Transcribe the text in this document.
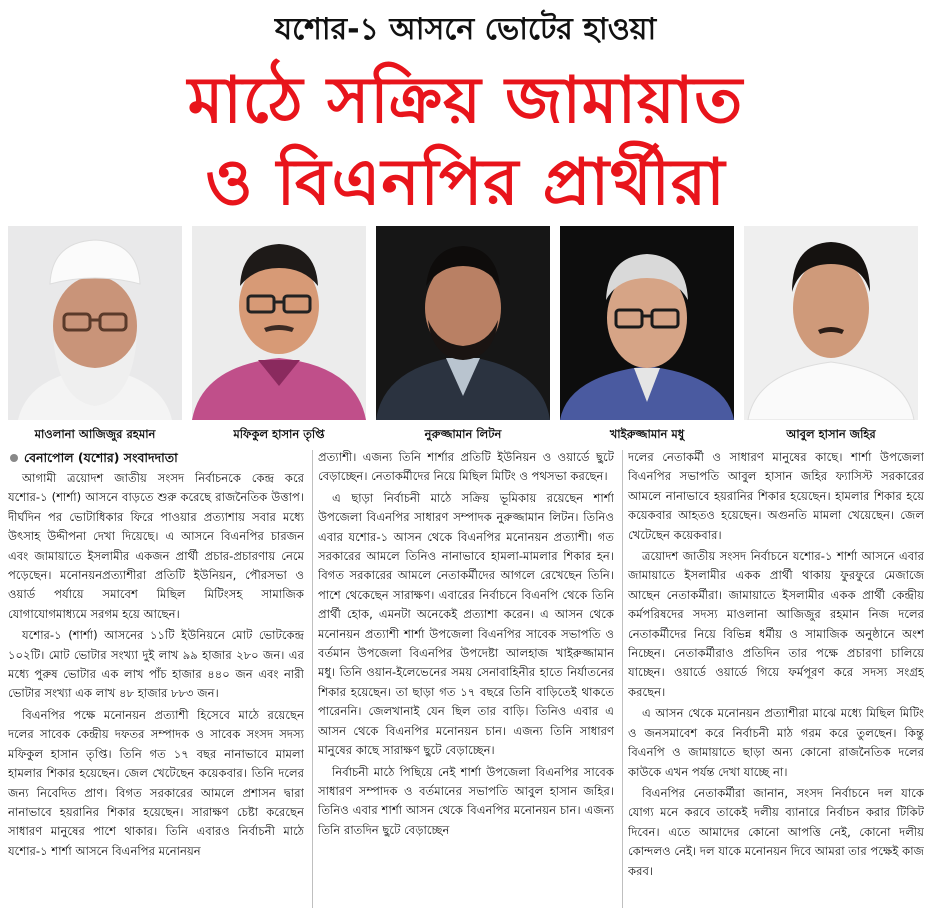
যশোর-১ আসনে ভোটের হাওয়া
মাঠে সক্রিয় জামায়াত
ও বিএনপির প্রার্থীরা
মাওলানা আজিজুর রহমান	মফিকুল হাসান তৃপ্তি	নুরুজ্জামান লিটন	খাইরুজ্জামান মধু	আবুল হাসান জহির
বেনাপোল (যশোর) সংবাদদাতা

আগামী ত্রয়োদশ জাতীয় সংসদ নির্বাচনকে কেন্দ্র করে যশোর-১ (শার্শা) আসনে বাড়তে শুরু করেছে রাজনৈতিক উত্তাপ। দীর্ঘদিন পর ভোটাধিকার ফিরে পাওয়ার প্রত্যাশায় সবার মধ্যে উৎসাহ উদ্দীপনা দেখা দিয়েছে। এ আসনে বিএনপির চারজন এবং জামায়াতে ইসলামীর একজন প্রার্থী প্রচার-প্রচারণায় নেমে পড়েছেন। মনোনয়নপ্রত্যাশীরা প্রতিটি ইউনিয়ন, পৌরসভা ও ওয়ার্ড পর্যায়ে সমাবেশ মিছিল মিটিংসহ সামাজিক যোগাযোগমাধ্যমে সরগম হয়ে আছেন।

যশোর-১ (শার্শা) আসনের ১১টি ইউনিয়নে মোট ভোটকেন্দ্র ১০২টি। মোট ভোটার সংখ্যা দুই লাখ ৯৯ হাজার ২৮০ জন। এর মধ্যে পুরুষ ভোটার এক লাখ পাঁচ হাজার ৪৪০ জন এবং নারী ভোটার সংখ্যা এক লাখ ৪৮ হাজার ৮৮৩ জন।

বিএনপির পক্ষে মনোনয়ন প্রত্যাশী হিসেবে মাঠে রয়েছেন দলের সাবেক কেন্দ্রীয় দফতর সম্পাদক ও সাবেক সংসদ সদস্য মফিকুল হাসান তৃপ্তি। তিনি গত ১৭ বছর নানাভাবে মামলা হামলার শিকার হয়েছেন। জেল খেটেছেন কয়েকবার। তিনি দলের জন্য নিবেদিত প্রাণ। বিগত সরকারের আমলে প্রশাসন দ্বারা নানাভাবে হয়রানির শিকার হয়েছেন। সারাক্ষণ চেষ্টা করেছেন সাধারণ মানুষের পাশে থাকার। তিনি এবারও নির্বাচনী মাঠে যশোর-১ শার্শা আসনে বিএনপির মনোনয়ন

প্রত্যাশী। এজন্য তিনি শার্শার প্রতিটি ইউনিয়ন ও ওয়ার্ডে ছুটে বেড়াচ্ছেন। নেতাকর্মীদের নিয়ে মিছিল মিটিং ও পথসভা করছেন।

এ ছাড়া নির্বাচনী মাঠে সক্রিয় ভূমিকায় রয়েছেন শার্শা উপজেলা বিএনপির সাধারণ সম্পাদক নুরুজ্জামান লিটন। তিনিও এবার যশোর-১ আসন থেকে বিএনপির মনোনয়ন প্রত্যাশী। গত সরকারের আমলে তিনিও নানাভাবে হামলা-মামলার শিকার হন। বিগত সরকারের আমলে নেতাকর্মীদের আগলে রেখেছেন তিনি। পাশে থেকেছেন সারাক্ষণ। এবারের নির্বাচনে বিএনপি থেকে তিনি প্রার্থী হোক, এমনটা অনেকেই প্রত্যাশা করেন। এ আসন থেকে মনোনয়ন প্রত্যাশী শার্শা উপজেলা বিএনপির সাবেক সভাপতি ও বর্তমান উপজেলা বিএনপির উপদেষ্টা আলহাজ খাইরুজ্জামান মধু। তিনি ওয়ান-ইলেভেনের সময় সেনাবাহিনীর হাতে নির্যাতনের শিকার হয়েছেন। তা ছাড়া গত ১৭ বছরে তিনি বাড়িতেই থাকতে পারেননি। জেলখানাই যেন ছিল তার বাড়ি। তিনিও এবার এ আসন থেকে বিএনপির মনোনয়ন চান। এজন্য তিনি সাধারণ মানুষের কাছে সারাক্ষণ ছুটে বেড়াচ্ছেন।

নির্বাচনী মাঠে পিছিয়ে নেই শার্শা উপজেলা বিএনপির সাবেক সাধারণ সম্পাদক ও বর্তমানের সভাপতি আবুল হাসান জহির। তিনিও এবার শার্শা আসন থেকে বিএনপির মনোনয়ন চান। এজন্য তিনি রাতদিন ছুটে বেড়াচ্ছেন

দলের নেতাকর্মী ও সাধারণ মানুষের কাছে। শার্শা উপজেলা বিএনপির সভাপতি আবুল হাসান জহির ফ্যাসিস্ট সরকারের আমলে নানাভাবে হয়রানির শিকার হয়েছেন। হামলার শিকার হয়ে কয়েকবার আহতও হয়েছেন। অগুনতি মামলা খেয়েছেন। জেল খেটেছেন কয়েকবার।

ত্রয়োদশ জাতীয় সংসদ নির্বাচনে যশোর-১ শার্শা আসনে এবার জামায়াতে ইসলামীর একক প্রার্থী থাকায় ফুরফুরে মেজাজে আছেন নেতাকর্মীরা। জামায়াতে ইসলামীর একক প্রার্থী কেন্দ্রীয় কর্মপরিষদের সদস্য মাওলানা আজিজুর রহমান নিজ দলের নেতাকর্মীদের নিয়ে বিভিন্ন ধর্মীয় ও সামাজিক অনুষ্ঠানে অংশ নিচ্ছেন। নেতাকর্মীরাও প্রতিদিন তার পক্ষে প্রচারণা চালিয়ে যাচ্ছেন। ওয়ার্ডে ওয়ার্ডে গিয়ে ফর্মপূরণ করে সদস্য সংগ্রহ করছেন।

এ আসন থেকে মনোনয়ন প্রত্যাশীরা মাঝে মধ্যে মিছিল মিটিং ও জনসমাবেশ করে নির্বাচনী মাঠ গরম করে তুলছেন। কিন্তু বিএনপি ও জামায়াতে ছাড়া অন্য কোনো রাজনৈতিক দলের কাউকে এখন পর্যন্ত দেখা যাচ্ছে না।

বিএনপির নেতাকর্মীরা জানান, সংসদ নির্বাচনে দল যাকে যোগ্য মনে করবে তাকেই দলীয় ব্যানারে নির্বাচন করার টিকিট দিবেন। এতে আমাদের কোনো আপত্তি নেই, কোনো দলীয় কোন্দলও নেই। দল যাকে মনোনয়ন দিবে আমরা তার পক্ষেই কাজ করব।
